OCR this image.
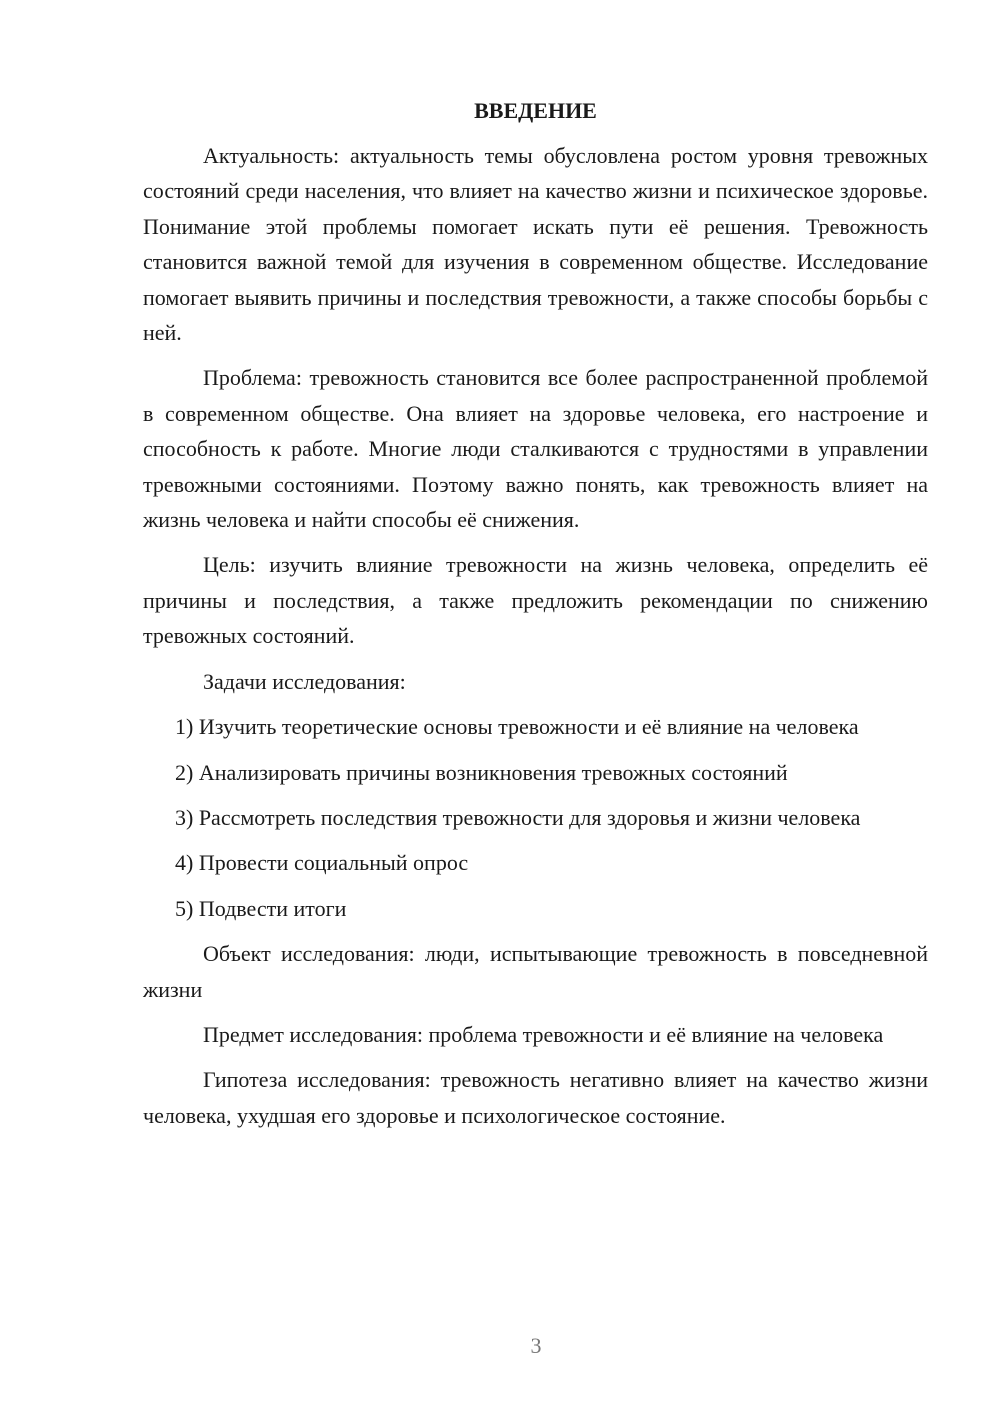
ВВЕДЕНИЕ

Актуальность: актуальность темы обусловлена ростом уровня тревожных состояний среди населения, что влияет на качество жизни и психическое здоровье. Понимание этой проблемы помогает искать пути её решения. Тревожность становится важной темой для изучения в современном обществе. Исследование помогает выявить причины и последствия тревожности, а также способы борьбы с ней.

Проблема: тревожность становится все более распространенной проблемой в современном обществе. Она влияет на здоровье человека, его настроение и способность к работе. Многие люди сталкиваются с трудностями в управлении тревожными состояниями. Поэтому важно понять, как тревожность влияет на жизнь человека и найти способы её снижения.

Цель: изучить влияние тревожности на жизнь человека, определить её причины и последствия, а также предложить рекомендации по снижению тревожных состояний.

Задачи исследования:

1) Изучить теоретические основы тревожности и её влияние на человека

2) Анализировать причины возникновения тревожных состояний

3) Рассмотреть последствия тревожности для здоровья и жизни человека

4) Провести социальный опрос

5) Подвести итоги

Объект исследования: люди, испытывающие тревожность в повседневной жизни

Предмет исследования: проблема тревожности и её влияние на человека

Гипотеза исследования: тревожность негативно влияет на качество жизни человека, ухудшая его здоровье и психологическое состояние.

3
